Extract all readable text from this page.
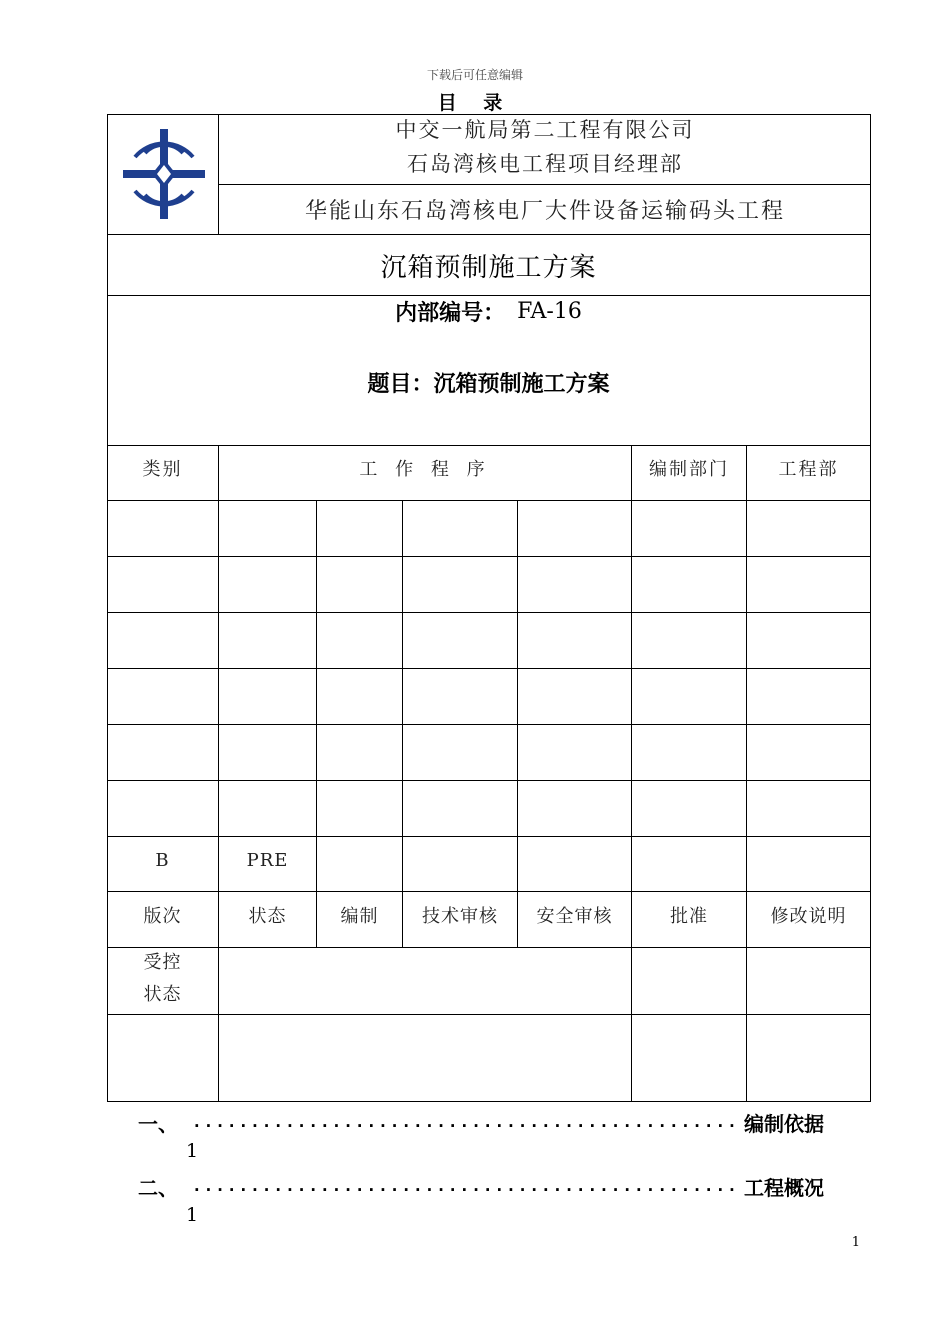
下载后可任意编辑
目 录
中交一航局第二工程有限公司
石岛湾核电工程项目经理部
华能山东石岛湾核电厂大件设备运输码头工程
沉箱预制施工方案
内部编号： FA-16
题目：沉箱预制施工方案
类别	工 作 程 序	编制部门	工程部
B	PRE
版次	状态	编制	技术审核	安全审核	批准	修改说明
受控
状态
一、 ............................................... 编制依据
1
二、 ............................................... 工程概况
1
1
